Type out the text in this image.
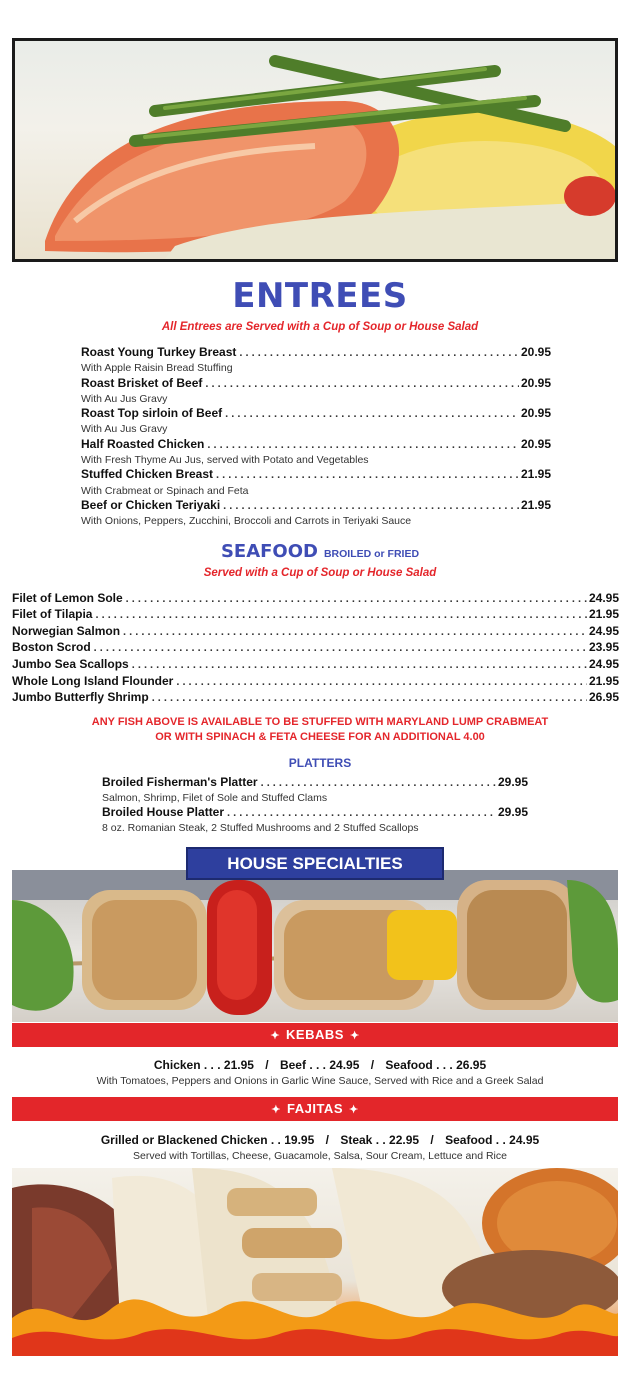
ENTREES
All Entrees are Served with a Cup of Soup or House Salad
Roast Young Turkey Breast . . .	20.95
With Apple Raisin Bread Stuffing
Roast Brisket of Beef . . .	20.95
With Au Jus Gravy
Roast Top sirloin of Beef . . .	20.95
With Au Jus Gravy
Half Roasted Chicken . . .	20.95
With Fresh Thyme Au Jus, served with Potato and Vegetables
Stuffed Chicken Breast . . .	21.95
With Crabmeat or Spinach and Feta
Beef or Chicken Teriyaki . . .	21.95
With Onions, Peppers, Zucchini, Broccoli and Carrots in Teriyaki Sauce
SEAFOOD BROILED or FRIED
Served with a Cup of Soup or House Salad
Filet of Lemon Sole . . .	24.95
Filet of Tilapia . . .	21.95
Norwegian Salmon . . .	24.95
Boston Scrod . . .	23.95
Jumbo Sea Scallops . . .	24.95
Whole Long Island Flounder . . .	21.95
Jumbo Butterfly Shrimp . . .	26.95
ANY FISH ABOVE IS AVAILABLE TO BE STUFFED WITH MARYLAND LUMP CRABMEAT
OR WITH SPINACH & FETA CHEESE FOR AN ADDITIONAL 4.00
PLATTERS
Broiled Fisherman's Platter . . .	29.95
Salmon, Shrimp, Filet of Sole and Stuffed Clams
Broiled House Platter . . .	29.95
8 oz. Romanian Steak, 2 Stuffed Mushrooms and 2 Stuffed Scallops
HOUSE SPECIALTIES
✦ KEBABS ✦
Chicken . . . 21.95 / Beef . . . 24.95 / Seafood . . . 26.95
With Tomatoes, Peppers and Onions in Garlic Wine Sauce, Served with Rice and a Greek Salad
✦ FAJITAS ✦
Grilled or Blackened Chicken . . 19.95 / Steak . . 22.95 / Seafood . . 24.95
Served with Tortillas, Cheese, Guacamole, Salsa, Sour Cream, Lettuce and Rice
